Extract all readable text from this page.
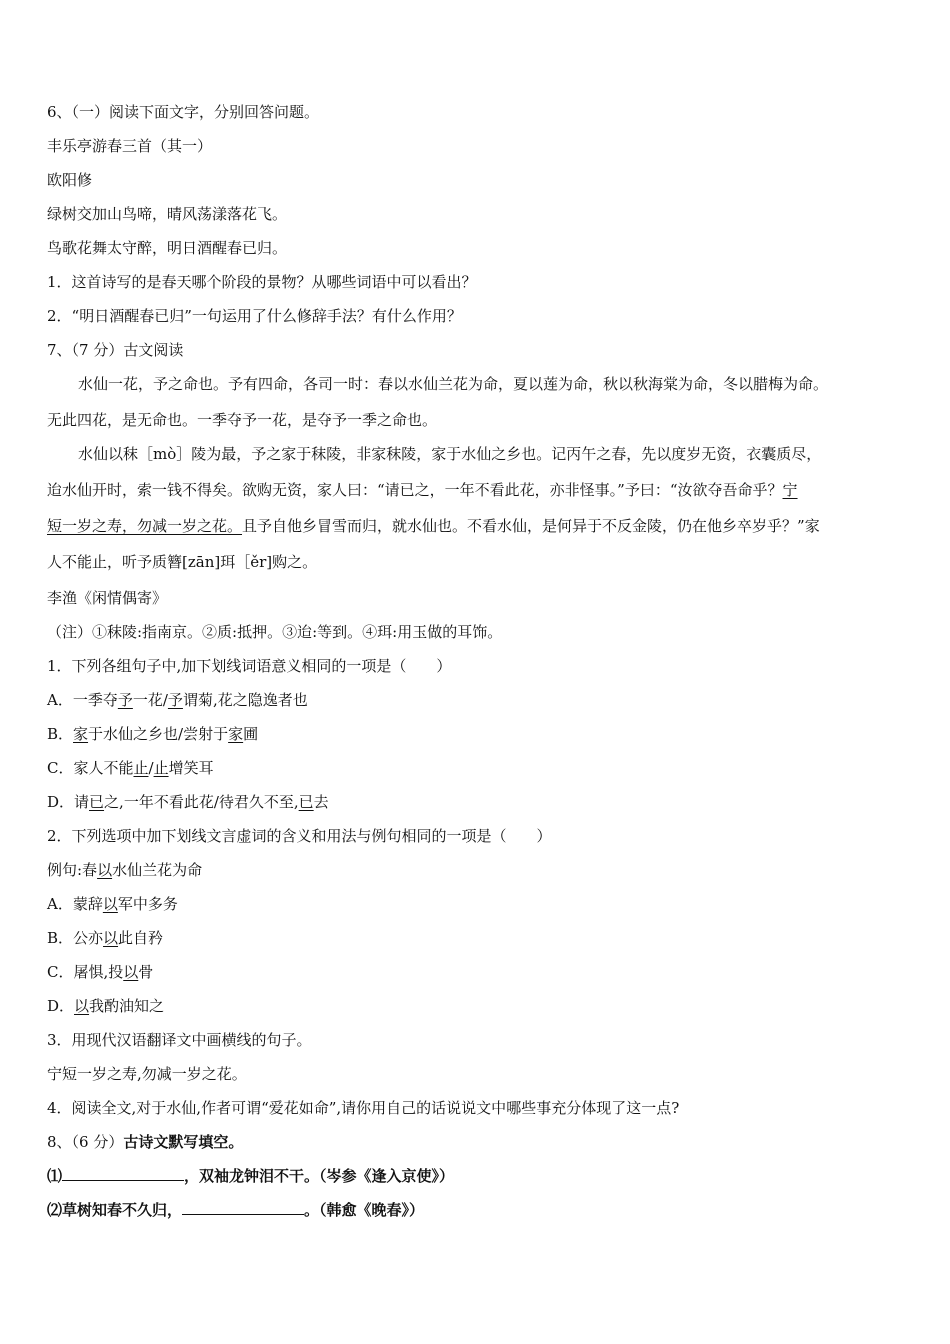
6、（一）阅读下面文字，分别回答问题。
丰乐亭游春三首（其一）
欧阳修
绿树交加山鸟啼，晴风荡漾落花飞。
鸟歌花舞太守醉，明日酒醒春已归。
1．这首诗写的是春天哪个阶段的景物？从哪些词语中可以看出？
2．“明日酒醒春已归”一句运用了什么修辞手法？有什么作用？
7、（7 分）古文阅读
水仙一花，予之命也。予有四命，各司一时：春以水仙兰花为命，夏以莲为命，秋以秋海棠为命，冬以腊梅为命。
无此四花，是无命也。一季夺予一花，是夺予一季之命也。
水仙以秣［mò］陵为最，予之家于秣陵，非家秣陵，家于水仙之乡也。记丙午之春，先以度岁无资，衣囊质尽，
迨水仙开时，索一钱不得矣。欲购无资，家人曰：“请已之，一年不看此花，亦非怪事。”予曰：“汝欲夺吾命乎？宁
短一岁之寿，勿减一岁之花。且予自他乡冒雪而归，就水仙也。不看水仙，是何异于不反金陵，仍在他乡卒岁乎？”家
人不能止，听予质簪[zān]珥［ěr]购之。
李渔《闲情偶寄》
（注）①秣陵:指南京。②质:抵押。③迨:等到。④珥:用玉做的耳饰。
1．下列各组句子中,加下划线词语意义相同的一项是（　　）
A．一季夺予一花/予谓菊,花之隐逸者也
B．家于水仙之乡也/尝射于家圃
C．家人不能止/止增笑耳
D．请已之,一年不看此花/待君久不至,已去
2．下列选项中加下划线文言虚词的含义和用法与例句相同的一项是（　　）
例句:春以水仙兰花为命
A．蒙辞以军中多务
B．公亦以此自矜
C．屠惧,投以骨
D．以我酌油知之
3．用现代汉语翻译文中画横线的句子。
宁短一岁之寿,勿减一岁之花。
4．阅读全文,对于水仙,作者可谓“爱花如命”,请你用自己的话说说文中哪些事充分体现了这一点?
8、（6 分）古诗文默写填空。
⑴	，双袖龙钟泪不干。（岑参《逢入京使》）
⑵草树知春不久归，	。（韩愈《晚春》）
